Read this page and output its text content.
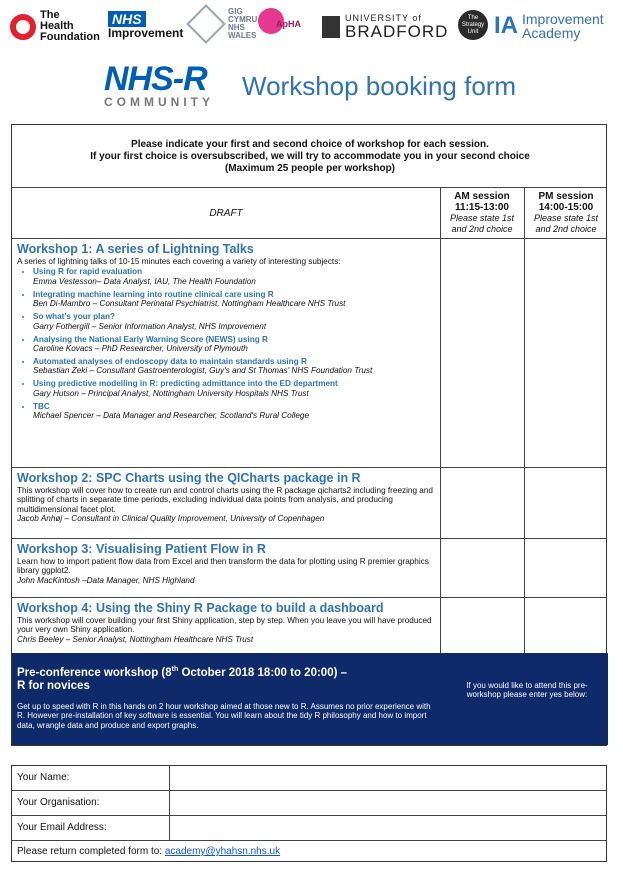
The
Health
Foundation
NHS
Improvement
GIG
CYMRU
NHS
WALES
ApHA
UNIVERSITY of
BRADFORD
The Strategy Unit IA Improvement
Academy
NHS-R
COMMUNITY
Workshop booking form
Please indicate your first and second choice of workshop for each session.
If your first choice is oversubscribed, we will try to accommodate you in your second choice
(Maximum 25 people per workshop)
DRAFT
AM session
11:15-13:00
Please state 1st
and 2nd choice
PM session
14:00-15:00
Please state 1st
and 2nd choice
Workshop 1: A series of Lightning Talks
A series of lightning talks of 10-15 minutes each covering a variety of interesting subjects:
• Using R for rapid evaluation
Emma Vestesson– Data Analyst, IAU, The Health Foundation
• Integrating machine learning into routine clinical care using R
Ben Di-Mambro – Consultant Perinatal Psychiatrist, Nottingham Healthcare NHS Trust
• So what's your plan?
Garry Fothergill – Senior Information Analyst, NHS Improvement
• Analysing the National Early Warning Score (NEWS) using R
Caroline Kovacs – PhD Researcher, University of Plymouth
• Automated analyses of endoscopy data to maintain standards using R
Sebastian Zeki – Consultant Gastroenterologist, Guy's and St Thomas' NHS Foundation Trust
• Using predictive modelling in R: predicting admittance into the ED department
Gary Hutson – Principal Analyst, Nottingham University Hospitals NHS Trust
• TBC
Michael Spencer – Data Manager and Researcher, Scotland's Rural College
Workshop 2: SPC Charts using the QICharts package in R
This workshop will cover how to create run and control charts using the R package qicharts2 including freezing and splitting of charts in separate time periods, excluding individual data points from analysis, and producing multidimensional facet plot.
Jacob Anhøj – Consultant in Clinical Quality Improvement, University of Copenhagen
Workshop 3: Visualising Patient Flow in R
Learn how to import patient flow data from Excel and then transform the data for plotting using R premier graphics library ggplot2.
John MacKintosh –Data Manager, NHS Highland
Workshop 4: Using the Shiny R Package to build a dashboard
This workshop will cover building your first Shiny application, step by step. When you leave you will have produced your very own Shiny application.
Chris Beeley – Senior Analyst, Nottingham Healthcare NHS Trust
Pre-conference workshop (8th October 2018 18:00 to 20:00) –
R for novices
Get up to speed with R in this hands on 2 hour workshop aimed at those new to R. Assumes no prior experience with R. However pre-installation of key software is essential. You will learn about the tidy R philosophy and how to import data, wrangle data and produce and export graphs.
If you would like to attend this pre-workshop please enter yes below:
Your Name:
Your Organisation:
Your Email Address:
Please return completed form to: academy@yhahsn.nhs.uk
